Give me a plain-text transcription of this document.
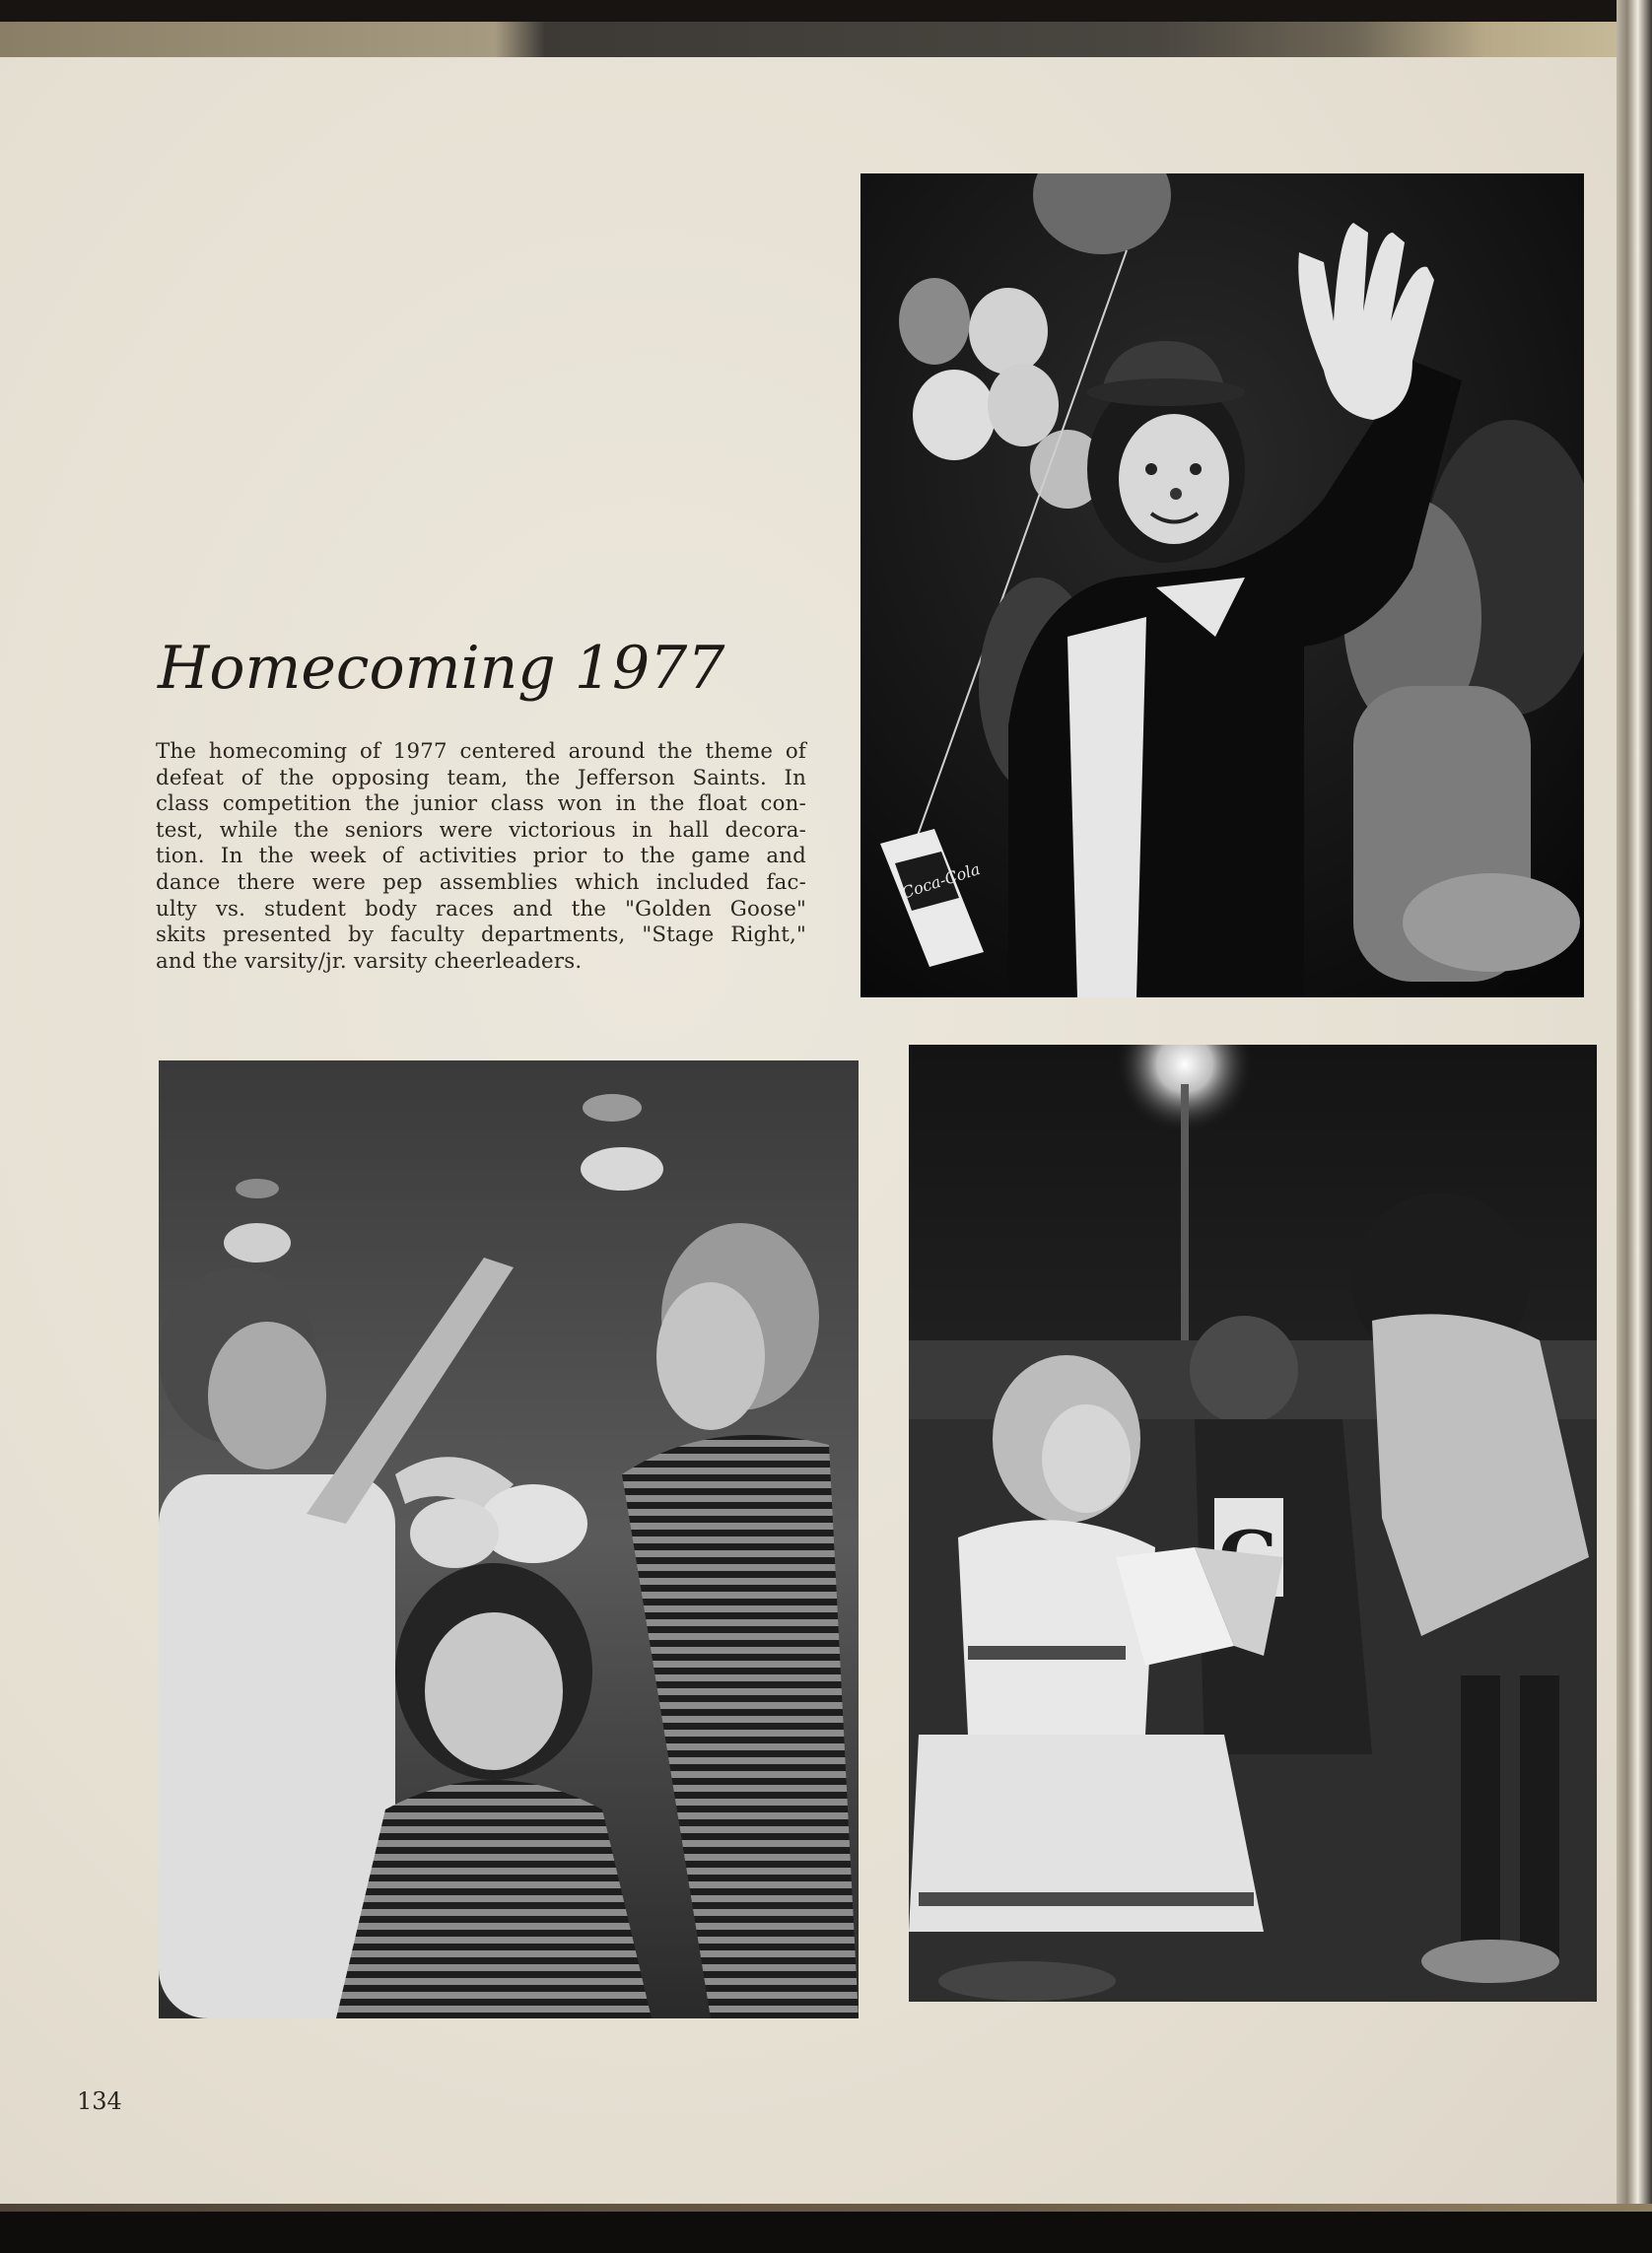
Homecoming 1977

The homecoming of 1977 centered around the theme of
defeat of the opposing team, the Jefferson Saints. In
class competition the junior class won in the float con-
test, while the seniors were victorious in hall decora-
tion. In the week of activities prior to the game and
dance there were pep assemblies which included fac-
ulty vs. student body races and the "Golden Goose"
skits presented by faculty departments, "Stage Right,"
and the varsity/jr. varsity cheerleaders.

Coca-Cola
134
